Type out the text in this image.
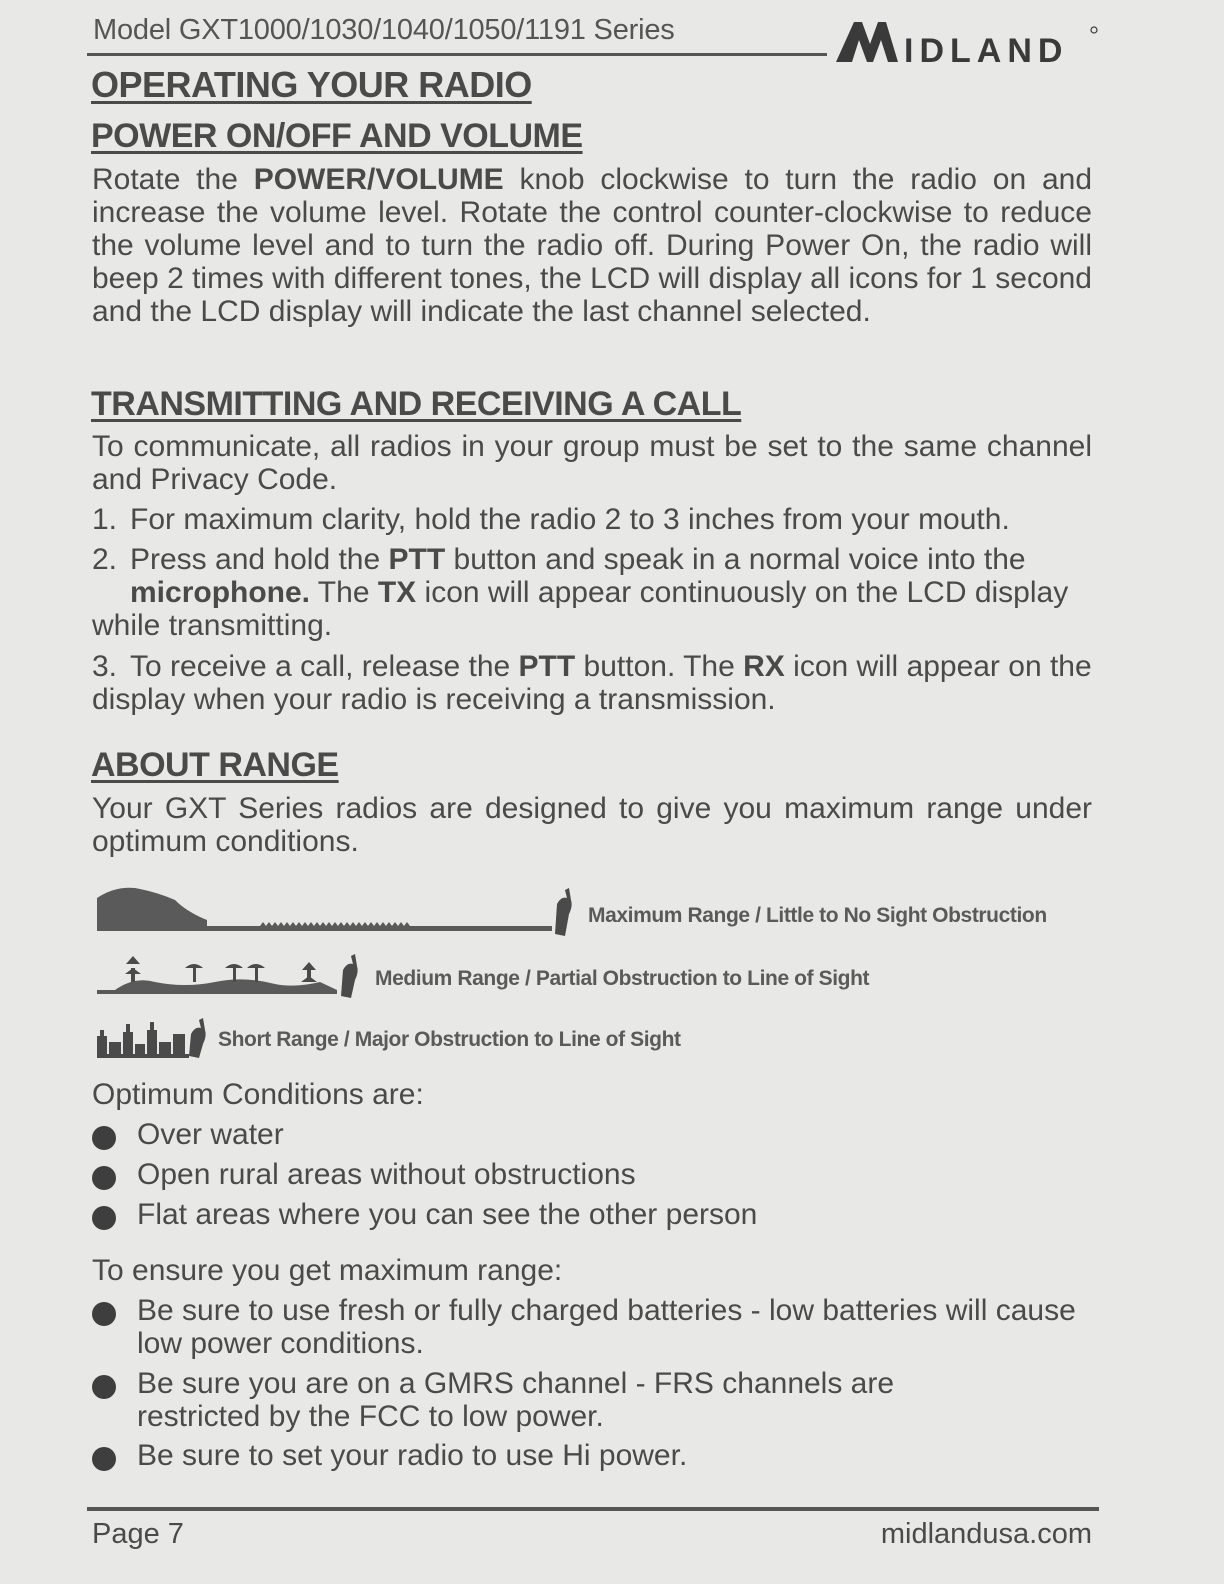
Model GXT1000/1030/1040/1050/1191 Series
IDLAND
OPERATING YOUR RADIO
POWER ON/OFF AND VOLUME
Rotate the POWER/VOLUME knob clockwise to turn the radio on and increase the volume level. Rotate the control counter-clockwise to reduce the volume level and to turn the radio off. During Power On, the radio will beep 2 times with different tones, the LCD will display all icons for 1 second and the LCD display will indicate the last channel selected.
TRANSMITTING AND RECEIVING A CALL
To communicate, all radios in your group must be set to the same channel and Privacy Code.
1. For maximum clarity, hold the radio 2 to 3 inches from your mouth.
2. Press and hold the PTT button and speak in a normal voice into the
microphone. The TX icon will appear continuously on the LCD display while transmitting.
3. To receive a call, release the PTT button. The RX icon will appear on the display when your radio is receiving a transmission.
ABOUT RANGE
Your GXT Series radios are designed to give you maximum range under optimum conditions.
Maximum Range / Little to No Sight Obstruction
Medium Range / Partial Obstruction to Line of Sight
Short Range / Major Obstruction to Line of Sight
Optimum Conditions are:
Over water
Open rural areas without obstructions
Flat areas where you can see the other person
To ensure you get maximum range:
Be sure to use fresh or fully charged batteries - low batteries will cause low power conditions.
Be sure you are on a GMRS channel - FRS channels are restricted by the FCC to low power.
Be sure to set your radio to use Hi power.
Page 7	midlandusa.com
